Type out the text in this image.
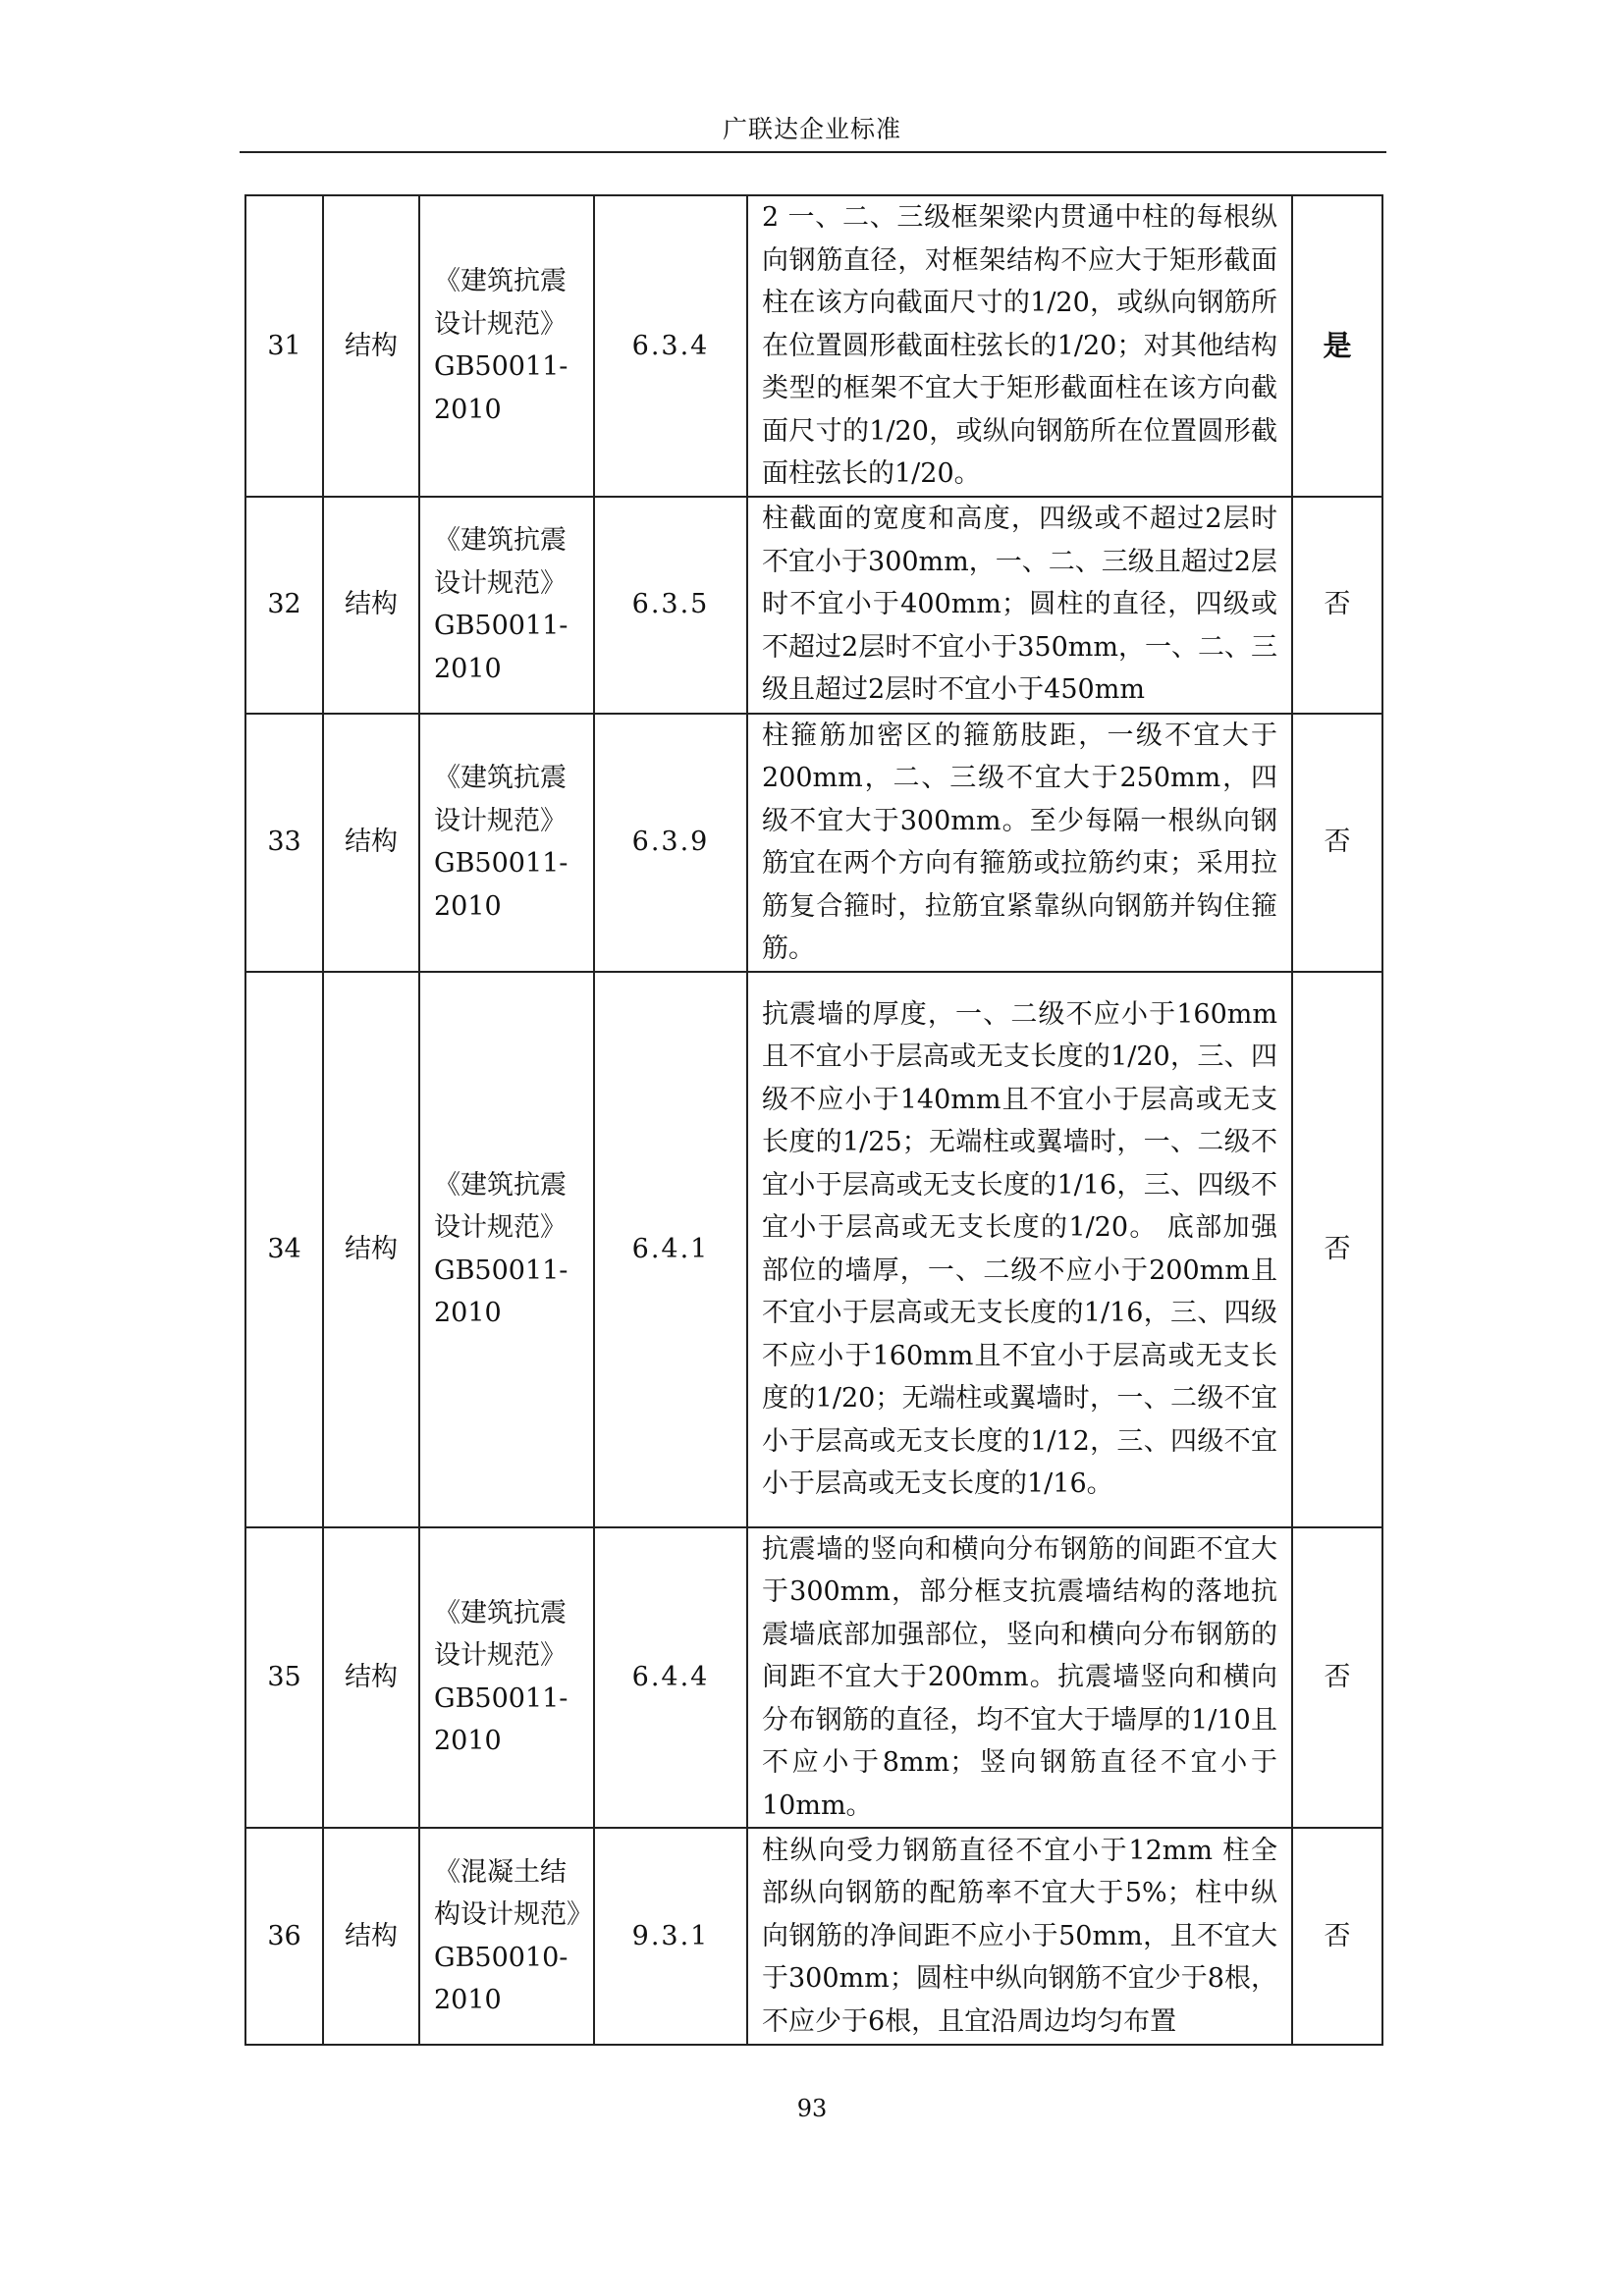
广联达企业标准
31	结构	《建筑抗震设计规范》GB50011-2010	6.3.4	2 一、二、三级框架梁内贯通中柱的每根纵向钢筋直径，对框架结构不应大于矩形截面柱在该方向截面尺寸的1/20，或纵向钢筋所在位置圆形截面柱弦长的1/20；对其他结构类型的框架不宜大于矩形截面柱在该方向截面尺寸的1/20，或纵向钢筋所在位置圆形截面柱弦长的1/20。	是
32	结构	《建筑抗震设计规范》GB50011-2010	6.3.5	柱截面的宽度和高度，四级或不超过2层时不宜小于300mm，一、二、三级且超过2层时不宜小于400mm；圆柱的直径，四级或不超过2层时不宜小于350mm，一、二、三级且超过2层时不宜小于450mm	否
33	结构	《建筑抗震设计规范》GB50011-2010	6.3.9	柱箍筋加密区的箍筋肢距，一级不宜大于200mm，二、三级不宜大于250mm，四级不宜大于300mm。至少每隔一根纵向钢筋宜在两个方向有箍筋或拉筋约束；采用拉筋复合箍时，拉筋宜紧靠纵向钢筋并钩住箍筋。	否
34	结构	《建筑抗震设计规范》GB50011-2010	6.4.1	抗震墙的厚度，一、二级不应小于160mm且不宜小于层高或无支长度的1/20，三、四级不应小于140mm且不宜小于层高或无支长度的1/25；无端柱或翼墙时，一、二级不宜小于层高或无支长度的1/16，三、四级不宜小于层高或无支长度的1/20。 底部加强部位的墙厚，一、二级不应小于200mm且不宜小于层高或无支长度的1/16，三、四级不应小于160mm且不宜小于层高或无支长度的1/20；无端柱或翼墙时，一、二级不宜小于层高或无支长度的1/12，三、四级不宜小于层高或无支长度的1/16。	否
35	结构	《建筑抗震设计规范》GB50011-2010	6.4.4	抗震墙的竖向和横向分布钢筋的间距不宜大于300mm，部分框支抗震墙结构的落地抗震墙底部加强部位，竖向和横向分布钢筋的间距不宜大于200mm。抗震墙竖向和横向分布钢筋的直径，均不宜大于墙厚的1/10且不应小于8mm；竖向钢筋直径不宜小于10mm。	否
36	结构	《混凝土结构设计规范》GB50010-2010	9.3.1	柱纵向受力钢筋直径不宜小于12mm 柱全部纵向钢筋的配筋率不宜大于5%；柱中纵向钢筋的净间距不应小于50mm，且不宜大于300mm；圆柱中纵向钢筋不宜少于8根，不应少于6根，且宜沿周边均匀布置	否
93
